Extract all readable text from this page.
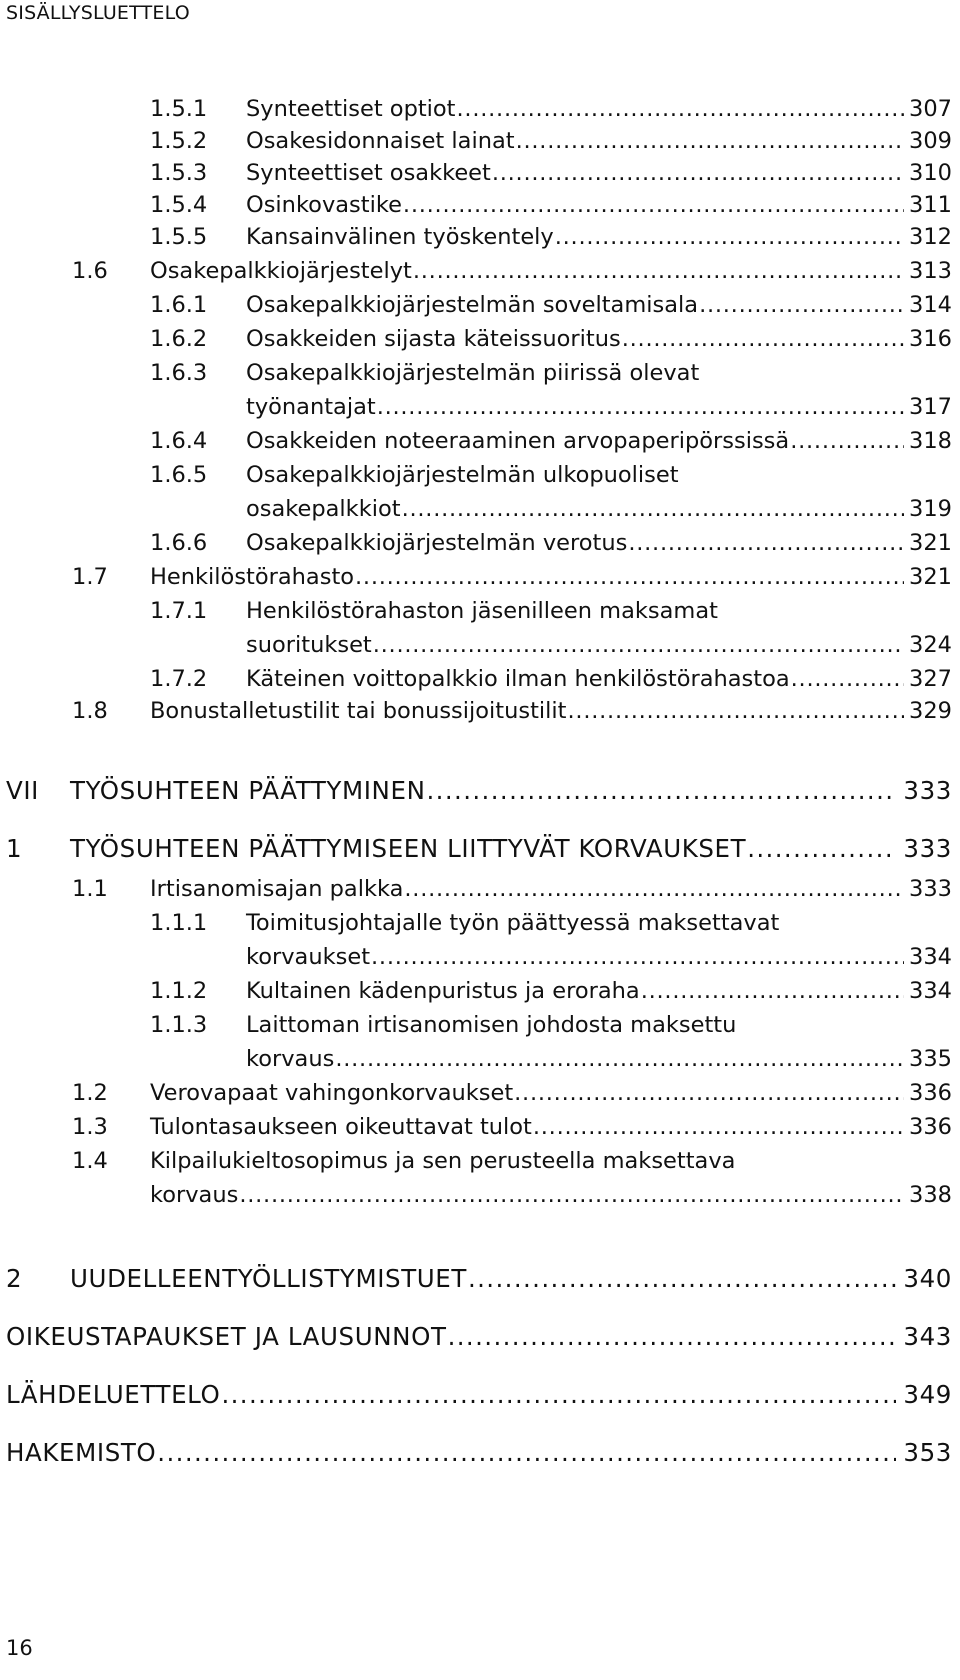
SISÄLLYSLUETTELO
1.5.1 Synteettiset optiot . . .	307
1.5.2 Osakesidonnaiset lainat . . .	309
1.5.3 Synteettiset osakkeet . . .	310
1.5.4 Osinkovastike . . .	311
1.5.5 Kansainvälinen työskentely . . .	312
1.6 Osakepalkkiojärjestelyt . . .	313
1.6.1 Osakepalkkiojärjestelmän soveltamisala . . .	314
1.6.2 Osakkeiden sijasta käteissuoritus . . .	316
1.6.3 Osakepalkkiojärjestelmän piirissä olevat
työnantajat . . .	317
1.6.4 Osakkeiden noteeraaminen arvopaperipörssissä . . .	318
1.6.5 Osakepalkkiojärjestelmän ulkopuoliset
osakepalkkiot . . .	319
1.6.6 Osakepalkkiojärjestelmän verotus . . .	321
1.7 Henkilöstörahasto . . .	321
1.7.1 Henkilöstörahaston jäsenilleen maksamat
suoritukset . . .	324
1.7.2 Käteinen voittopalkkio ilman henkilöstörahastoa . . .	327
1.8 Bonustalletustilit tai bonussijoitustilit . . .	329
VII TYÖSUHTEEN PÄÄTTYMINEN . . .	333
1 TYÖSUHTEEN PÄÄTTYMISEEN LIITTYVÄT KORVAUKSET . . .	333
1.1 Irtisanomisajan palkka . . .	333
1.1.1 Toimitusjohtajalle työn päättyessä maksettavat
korvaukset . . .	334
1.1.2 Kultainen kädenpuristus ja eroraha . . .	334
1.1.3 Laittoman irtisanomisen johdosta maksettu
korvaus . . .	335
1.2 Verovapaat vahingonkorvaukset . . .	336
1.3 Tulontasaukseen oikeuttavat tulot . . .	336
1.4 Kilpailukieltosopimus ja sen perusteella maksettava
korvaus . . .	338
2 UUDELLEENTYÖLLISTYMISTUET . . .	340
OIKEUSTAPAUKSET JA LAUSUNNOT . . .	343
LÄHDELUETTELO . . .	349
HAKEMISTO . . .	353
16
